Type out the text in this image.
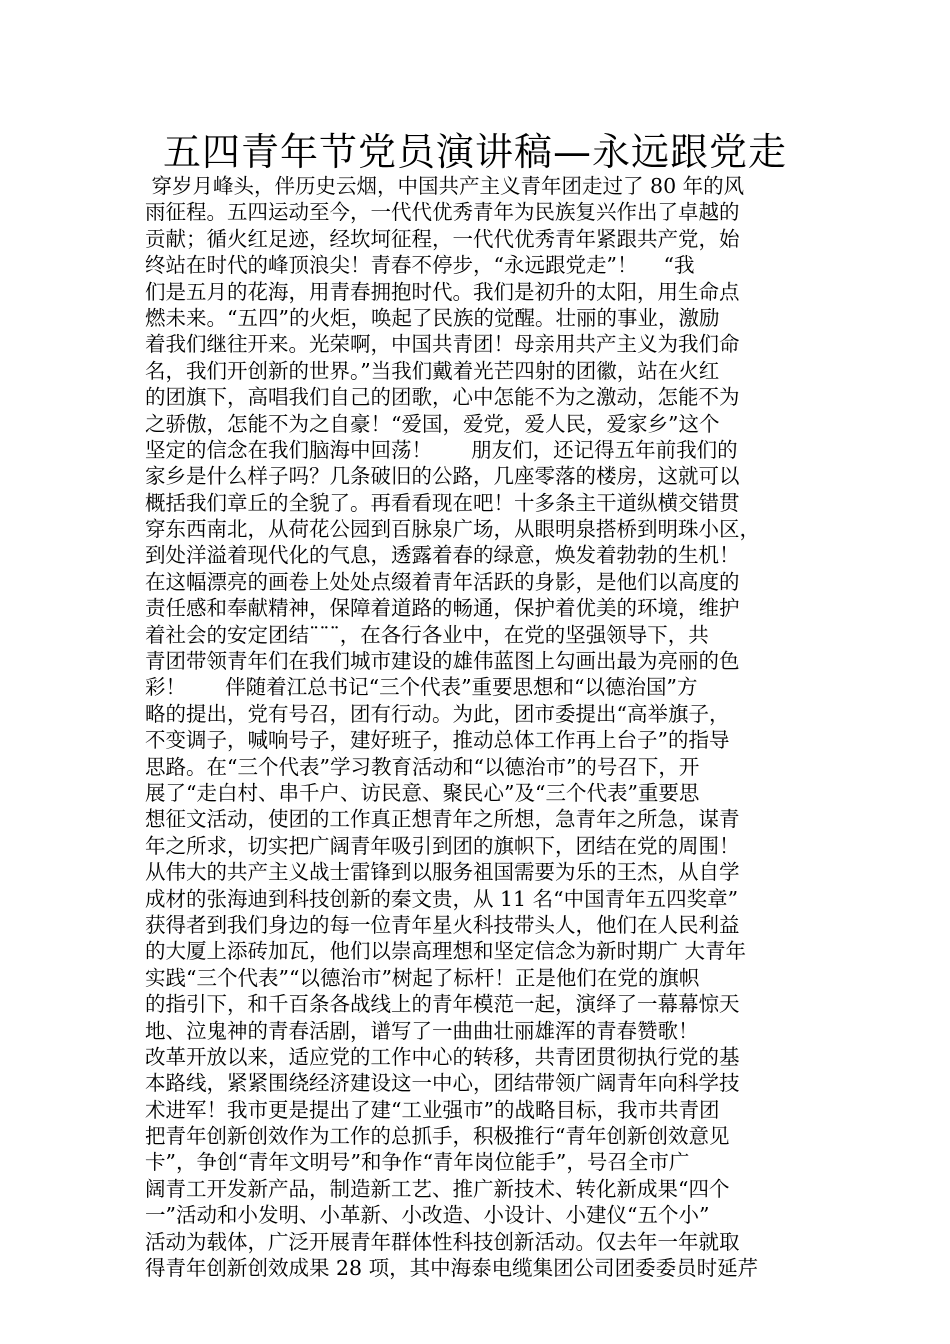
五四青年节党员演讲稿—永远跟党走
穿岁月峰头，伴历史云烟，中国共产主义青年团走过了 80 年的风
雨征程。五四运动至今，一代代优秀青年为民族复兴作出了卓越的
贡献；循火红足迹，经坎坷征程，一代代优秀青年紧跟共产党，始
终站在时代的峰顶浪尖！青春不停步，“永远跟党走”！    “我
们是五月的花海，用青春拥抱时代。我们是初升的太阳，用生命点
燃未来。“五四”的火炬，唤起了民族的觉醒。壮丽的事业，激励
着我们继往开来。光荣啊，中国共青团！母亲用共产主义为我们命
名，我们开创新的世界。”当我们戴着光芒四射的团徽，站在火红
的团旗下，高唱我们自己的团歌，心中怎能不为之激动，怎能不为
之骄傲，怎能不为之自豪！“爱国，爱党，爱人民，爱家乡”这个
坚定的信念在我们脑海中回荡！      朋友们，还记得五年前我们的
家乡是什么样子吗？几条破旧的公路，几座零落的楼房，这就可以
概括我们章丘的全貌了。再看看现在吧！十多条主干道纵横交错贯
穿东西南北，从荷花公园到百脉泉广场，从眼明泉搭桥到明珠小区，
到处洋溢着现代化的气息，透露着春的绿意，焕发着勃勃的生机！
在这幅漂亮的画卷上处处点缀着青年活跃的身影，是他们以高度的
责任感和奉献精神，保障着道路的畅通，保护着优美的环境，维护
着社会的安定团结¨¨¨，在各行各业中，在党的坚强领导下，共
青团带领青年们在我们城市建设的雄伟蓝图上勾画出最为亮丽的色
彩！      伴随着江总书记“三个代表”重要思想和“以德治国”方
略的提出，党有号召，团有行动。为此，团市委提出“高举旗子，
不变调子，喊响号子，建好班子，推动总体工作再上台子”的指导
思路。在“三个代表”学习教育活动和“以德治市”的号召下，开
展了“走白村、串千户、访民意、聚民心”及“三个代表”重要思
想征文活动，使团的工作真正想青年之所想，急青年之所急，谋青
年之所求，切实把广阔青年吸引到团的旗帜下，团结在党的周围！
从伟大的共产主义战士雷锋到以服务祖国需要为乐的王杰，从自学
成材的张海迪到科技创新的秦文贵，从 11 名“中国青年五四奖章”
获得者到我们身边的每一位青年星火科技带头人，他们在人民利益
的大厦上添砖加瓦，他们以崇高理想和坚定信念为新时期广 大青年
实践“三个代表”“以德治市”树起了标杆！正是他们在党的旗帜
的指引下，和千百条各战线上的青年模范一起，演绎了一幕幕惊天
地、泣鬼神的青春活剧，谱写了一曲曲壮丽雄浑的青春赞歌！
改革开放以来，适应党的工作中心的转移，共青团贯彻执行党的基
本路线，紧紧围绕经济建设这一中心，团结带领广阔青年向科学技
术进军！我市更是提出了建“工业强市”的战略目标，我市共青团
把青年创新创效作为工作的总抓手，积极推行“青年创新创效意见
卡”，争创“青年文明号”和争作“青年岗位能手”，号召全市广
阔青工开发新产品，制造新工艺、推广新技术、转化新成果“四个
一”活动和小发明、小革新、小改造、小设计、小建仪“五个小”
活动为载体，广泛开展青年群体性科技创新活动。仅去年一年就取
得青年创新创效成果 28 项，其中海泰电缆集团公司团委委员时延芹
